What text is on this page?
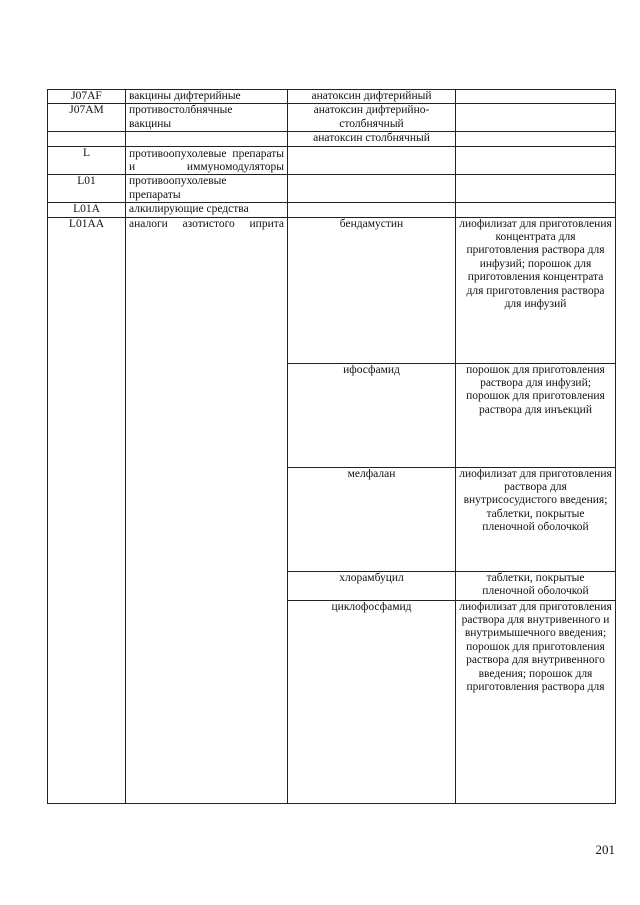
J07AF	вакцины дифтерийные	анатоксин дифтерийный	
J07AM	противостолбнячные вакцины	анатоксин дифтерийно-столбнячный	
		анатоксин столбнячный	
L	противоопухолевые препараты и иммуномодуляторы		
L01	противоопухолевые препараты		
L01A	алкилирующие средства		
L01AA	аналоги азотистого иприта	бендамустин	лиофилизат для приготовления концентрата для приготовления раствора для инфузий; порошок для приготовления концентрата для приготовления раствора для инфузий
		ифосфамид	порошок для приготовления раствора для инфузий; порошок для приготовления раствора для инъекций
		мелфалан	лиофилизат для приготовления раствора для внутрисосудистого введения; таблетки, покрытые пленочной оболочкой
		хлорамбуцил	таблетки, покрытые пленочной оболочкой
		циклофосфамид	лиофилизат для приготовления раствора для внутривенного и внутримышечного введения; порошок для приготовления раствора для внутривенного введения; порошок для приготовления раствора для
201
